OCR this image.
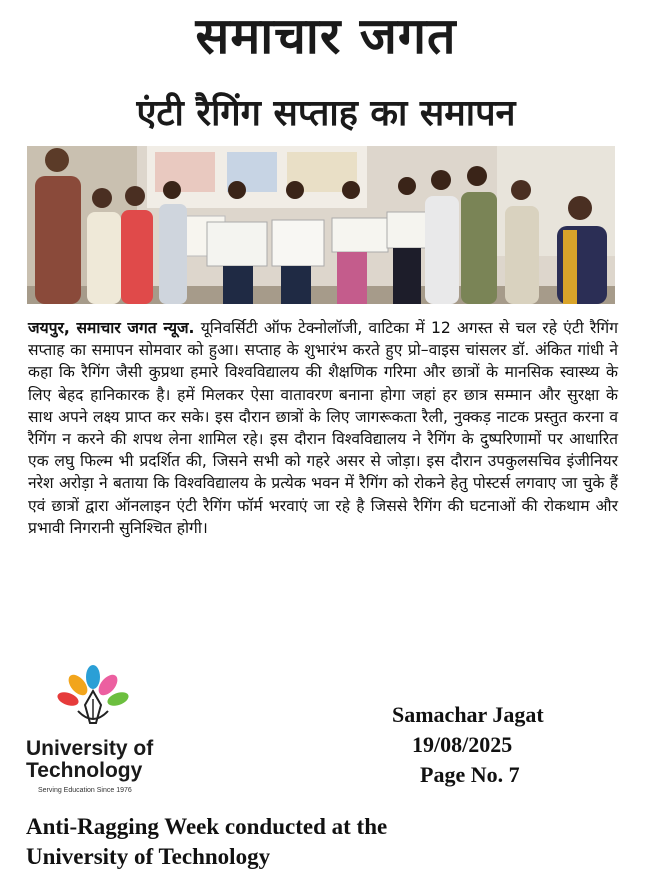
समाचार जगत
एंटी रैगिंग सप्ताह का समापन
जयपुर, समाचार जगत न्यूज. यूनिवर्सिटी ऑफ टेक्नोलॉजी, वाटिका में 12 अगस्त से चल रहे एंटी रैगिंग सप्ताह का समापन सोमवार को हुआ। सप्ताह के शुभारंभ करते हुए प्रो–वाइस चांसलर डॉ. अंकित गांधी ने कहा कि रैगिंग जैसी कुप्रथा हमारे विश्वविद्यालय की शैक्षणिक गरिमा और छात्रों के मानसिक स्वास्थ्य के लिए बेहद हानिकारक है। हमें मिलकर ऐसा वातावरण बनाना होगा जहां हर छात्र सम्मान और सुरक्षा के साथ अपने लक्ष्य प्राप्त कर सके। इस दौरान छात्रों के लिए जागरूकता रैली, नुक्कड़ नाटक प्रस्तुत करना व रैगिंग न करने की शपथ लेना शामिल रहे। इस दौरान विश्वविद्यालय ने रैगिंग के दुष्परिणामों पर आधारित एक लघु फिल्म भी प्रदर्शित की, जिसने सभी को गहरे असर से जोड़ा। इस दौरान उपकुलसचिव इंजीनियर नरेश अरोड़ा ने बताया कि विश्वविद्यालय के प्रत्येक भवन में रैगिंग को रोकने हेतु पोस्टर्स लगवाए जा चुके हैं एवं छात्रों द्वारा ऑनलाइन एंटी रैगिंग फॉर्म भरवाएं जा रहे है जिससे रैगिंग की घटनाओं की रोकथाम और प्रभावी निगरानी सुनिश्चित होगी।
University of
Technology
Serving Education Since 1976
Samachar Jagat
19/08/2025
Page No. 7
Anti-Ragging Week conducted at the
University of Technology
